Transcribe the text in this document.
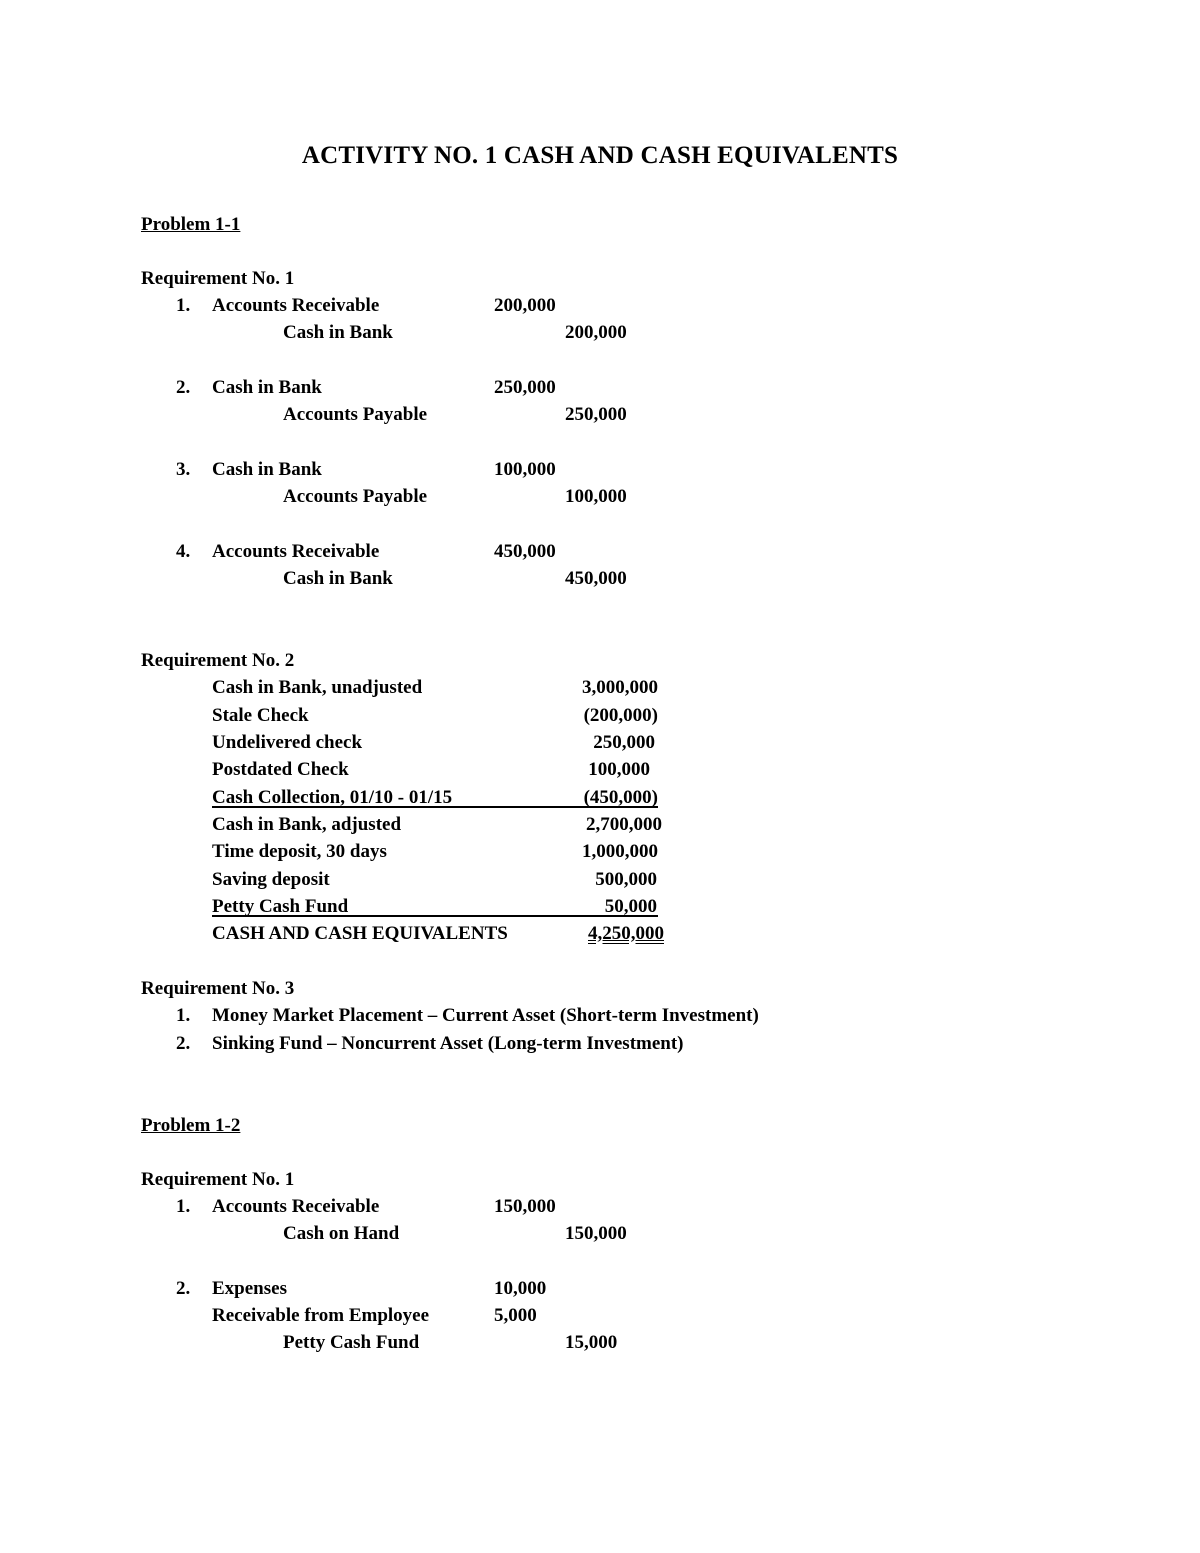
ACTIVITY NO. 1 CASH AND CASH EQUIVALENTS
Problem 1-1
Requirement No. 1
1. Accounts Receivable	200,000
Cash in Bank	200,000
2. Cash in Bank	250,000
Accounts Payable	250,000
3. Cash in Bank	100,000
Accounts Payable	100,000
4. Accounts Receivable	450,000
Cash in Bank	450,000
Requirement No. 2
Cash in Bank, unadjusted	3,000,000
Stale Check	(200,000)
Undelivered check	250,000
Postdated Check	100,000
Cash Collection, 01/10 - 01/15	(450,000)
Cash in Bank, adjusted	2,700,000
Time deposit, 30 days	1,000,000
Saving deposit	500,000
Petty Cash Fund	50,000
CASH AND CASH EQUIVALENTS	4,250,000
Requirement No. 3
1. Money Market Placement – Current Asset (Short-term Investment)
2. Sinking Fund – Noncurrent Asset (Long-term Investment)
Problem 1-2
Requirement No. 1
1. Accounts Receivable	150,000
Cash on Hand	150,000
2. Expenses	10,000
Receivable from Employee	5,000
Petty Cash Fund	15,000
